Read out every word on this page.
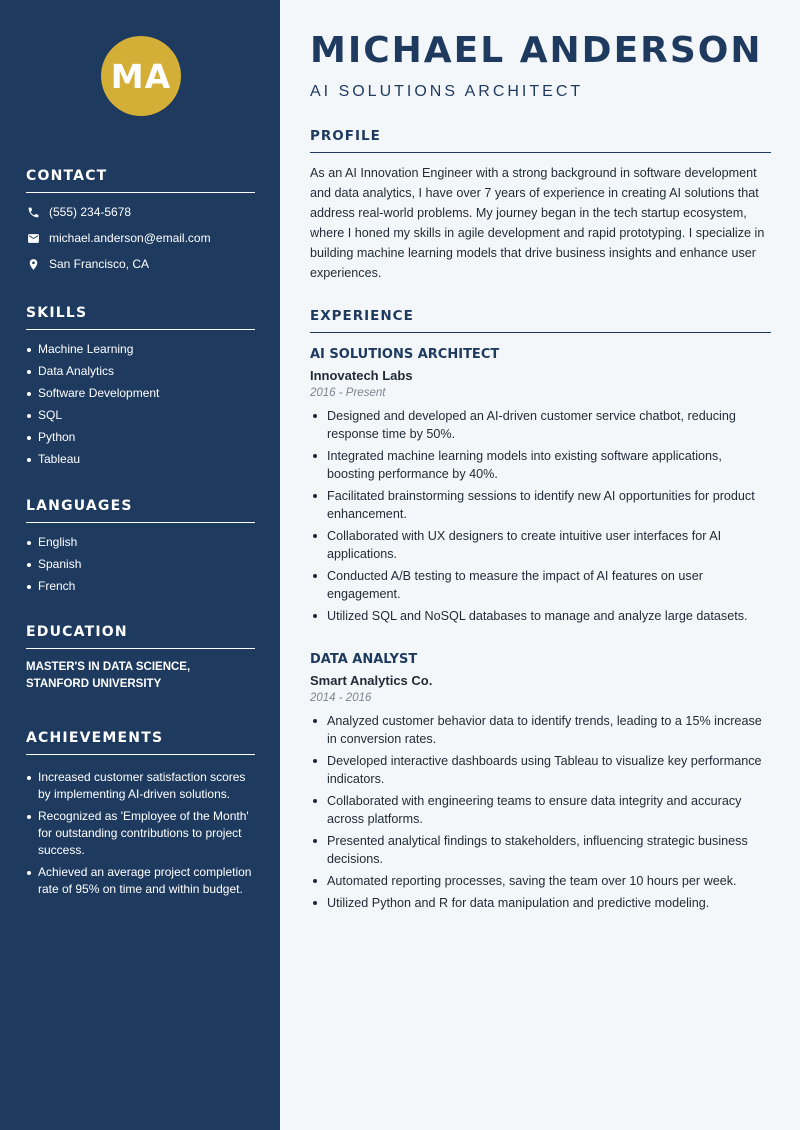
MA
CONTACT
(555) 234-5678
michael.anderson@email.com
San Francisco, CA
SKILLS
Machine Learning
Data Analytics
Software Development
SQL
Python
Tableau
LANGUAGES
English
Spanish
French
EDUCATION
MASTER'S IN DATA SCIENCE, STANFORD UNIVERSITY
ACHIEVEMENTS
Increased customer satisfaction scores by implementing AI-driven solutions.
Recognized as 'Employee of the Month' for outstanding contributions to project success.
Achieved an average project completion rate of 95% on time and within budget.
MICHAEL ANDERSON
AI SOLUTIONS ARCHITECT
PROFILE
As an AI Innovation Engineer with a strong background in software development and data analytics, I have over 7 years of experience in creating AI solutions that address real-world problems. My journey began in the tech startup ecosystem, where I honed my skills in agile development and rapid prototyping. I specialize in building machine learning models that drive business insights and enhance user experiences.
EXPERIENCE
AI SOLUTIONS ARCHITECT
Innovatech Labs
2016 - Present
Designed and developed an AI-driven customer service chatbot, reducing response time by 50%.
Integrated machine learning models into existing software applications, boosting performance by 40%.
Facilitated brainstorming sessions to identify new AI opportunities for product enhancement.
Collaborated with UX designers to create intuitive user interfaces for AI applications.
Conducted A/B testing to measure the impact of AI features on user engagement.
Utilized SQL and NoSQL databases to manage and analyze large datasets.
DATA ANALYST
Smart Analytics Co.
2014 - 2016
Analyzed customer behavior data to identify trends, leading to a 15% increase in conversion rates.
Developed interactive dashboards using Tableau to visualize key performance indicators.
Collaborated with engineering teams to ensure data integrity and accuracy across platforms.
Presented analytical findings to stakeholders, influencing strategic business decisions.
Automated reporting processes, saving the team over 10 hours per week.
Utilized Python and R for data manipulation and predictive modeling.
